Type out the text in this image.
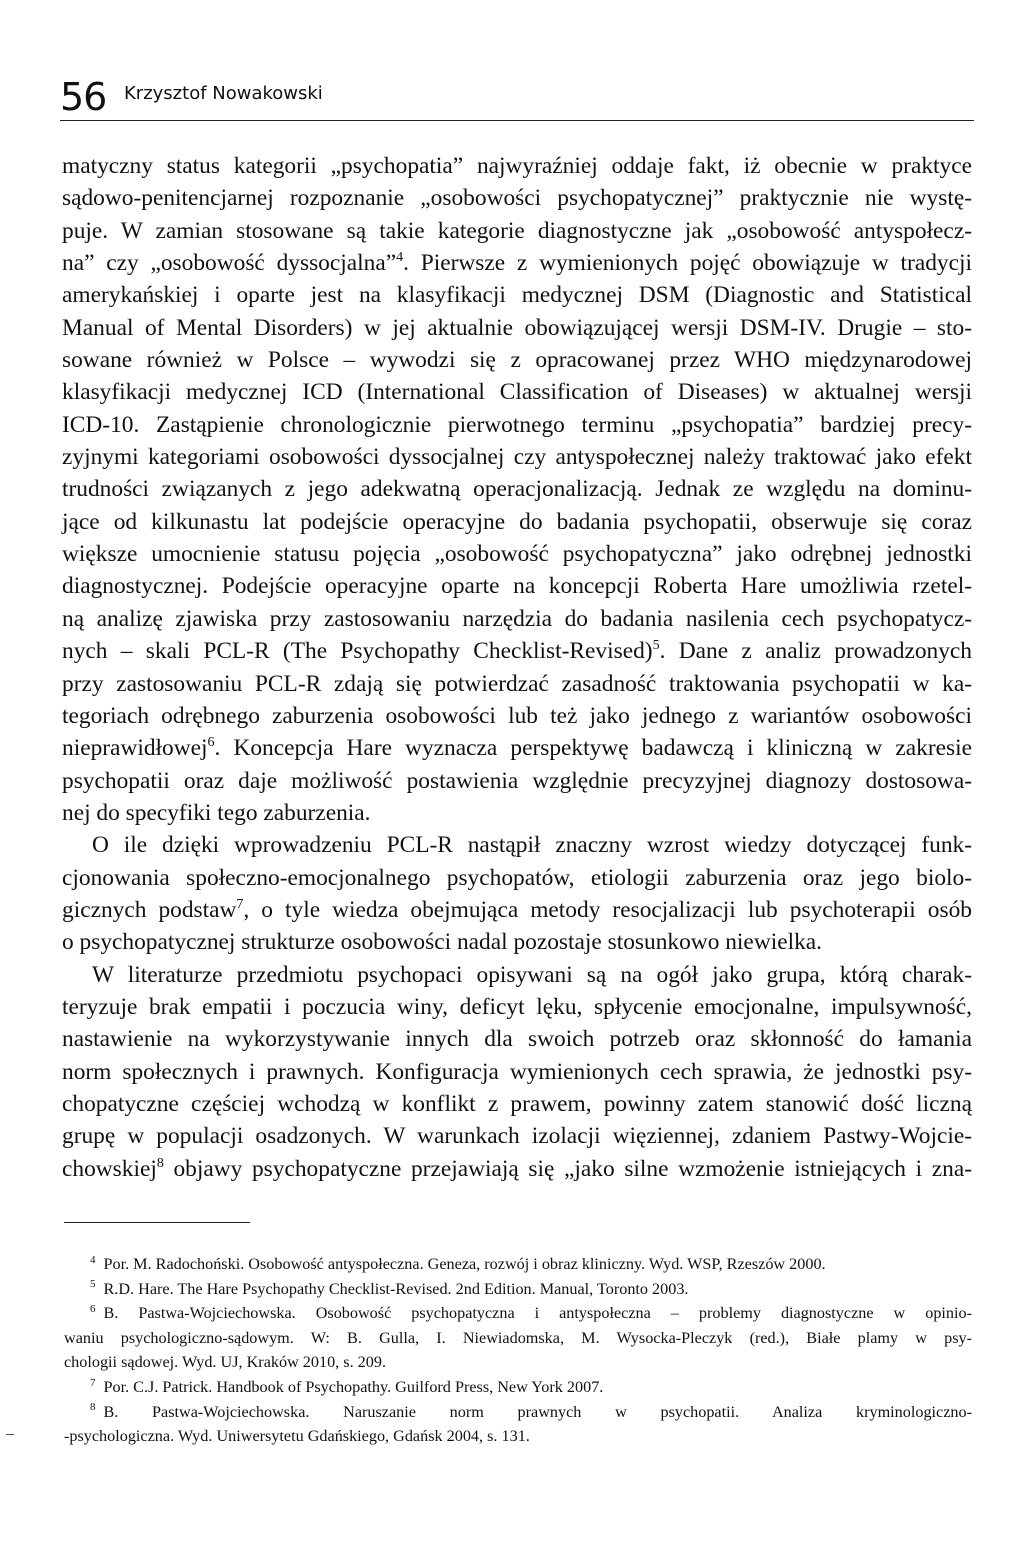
56 Krzysztof Nowakowski
matyczny status kategorii „psychopatia” najwyraźniej oddaje fakt, iż obecnie w praktyce
sądowo-penitencjarnej rozpoznanie „osobowości psychopatycznej” praktycznie nie wystę-
puje. W zamian stosowane są takie kategorie diagnostyczne jak „osobowość antyspołecz-
na” czy „osobowość dyssocjalna”$^4$. Pierwsze z wymienionych pojęć obowiązuje w tradycji
amerykańskiej i oparte jest na klasyfikacji medycznej DSM (Diagnostic and Statistical
Manual of Mental Disorders) w jej aktualnie obowiązującej wersji DSM-IV. Drugie – sto-
sowane również w Polsce – wywodzi się z opracowanej przez WHO międzynarodowej
klasyfikacji medycznej ICD (International Classification of Diseases) w aktualnej wersji
ICD-10. Zastąpienie chronologicznie pierwotnego terminu „psychopatia” bardziej precy-
zyjnymi kategoriami osobowości dyssocjalnej czy antyspołecznej należy traktować jako efekt
trudności związanych z jego adekwatną operacjonalizacją. Jednak ze względu na dominu-
jące od kilkunastu lat podejście operacyjne do badania psychopatii, obserwuje się coraz
większe umocnienie statusu pojęcia „osobowość psychopatyczna” jako odrębnej jednostki
diagnostycznej. Podejście operacyjne oparte na koncepcji Roberta Hare umożliwia rzetel-
ną analizę zjawiska przy zastosowaniu narzędzia do badania nasilenia cech psychopatycz-
nych – skali PCL-R (The Psychopathy Checklist-Revised)$^5$. Dane z analiz prowadzonych
przy zastosowaniu PCL-R zdają się potwierdzać zasadność traktowania psychopatii w ka-
tegoriach odrębnego zaburzenia osobowości lub też jako jednego z wariantów osobowości
nieprawidłowej$^6$. Koncepcja Hare wyznacza perspektywę badawczą i kliniczną w zakresie
psychopatii oraz daje możliwość postawienia względnie precyzyjnej diagnozy dostosowa-
nej do specyfiki tego zaburzenia.
O ile dzięki wprowadzeniu PCL-R nastąpił znaczny wzrost wiedzy dotyczącej funk-
cjonowania społeczno-emocjonalnego psychopatów, etiologii zaburzenia oraz jego biolo-
gicznych podstaw$^7$, o tyle wiedza obejmująca metody resocjalizacji lub psychoterapii osób
o psychopatycznej strukturze osobowości nadal pozostaje stosunkowo niewielka.
W literaturze przedmiotu psychopaci opisywani są na ogół jako grupa, którą charak-
teryzuje brak empatii i poczucia winy, deficyt lęku, spłycenie emocjonalne, impulsywność,
nastawienie na wykorzystywanie innych dla swoich potrzeb oraz skłonność do łamania
norm społecznych i prawnych. Konfiguracja wymienionych cech sprawia, że jednostki psy-
chopatyczne częściej wchodzą w konflikt z prawem, powinny zatem stanowić dość liczną
grupę w populacji osadzonych. W warunkach izolacji więziennej, zdaniem Pastwy-Wojcie-
chowskiej$^8$ objawy psychopatyczne przejawiają się „jako silne wzmożenie istniejących i zna-
$^4$ Por. M. Radochoński. Osobowość antyspołeczna. Geneza, rozwój i obraz kliniczny. Wyd. WSP, Rzeszów 2000.
$^5$ R.D. Hare. The Hare Psychopathy Checklist-Revised. 2nd Edition. Manual, Toronto 2003.
$^6$ B. Pastwa-Wojciechowska. Osobowość psychopatyczna i antyspołeczna – problemy diagnostyczne w opinio-
waniu psychologiczno-sądowym. W: B. Gulla, I. Niewiadomska, M. Wysocka-Pleczyk (red.), Białe plamy w psy-
chologii sądowej. Wyd. UJ, Kraków 2010, s. 209.
$^7$ Por. C.J. Patrick. Handbook of Psychopathy. Guilford Press, New York 2007.
$^8$ B. Pastwa-Wojciechowska. Naruszanie norm prawnych w psychopatii. Analiza kryminologiczno-
-psychologiczna. Wyd. Uniwersytetu Gdańskiego, Gdańsk 2004, s. 131.
